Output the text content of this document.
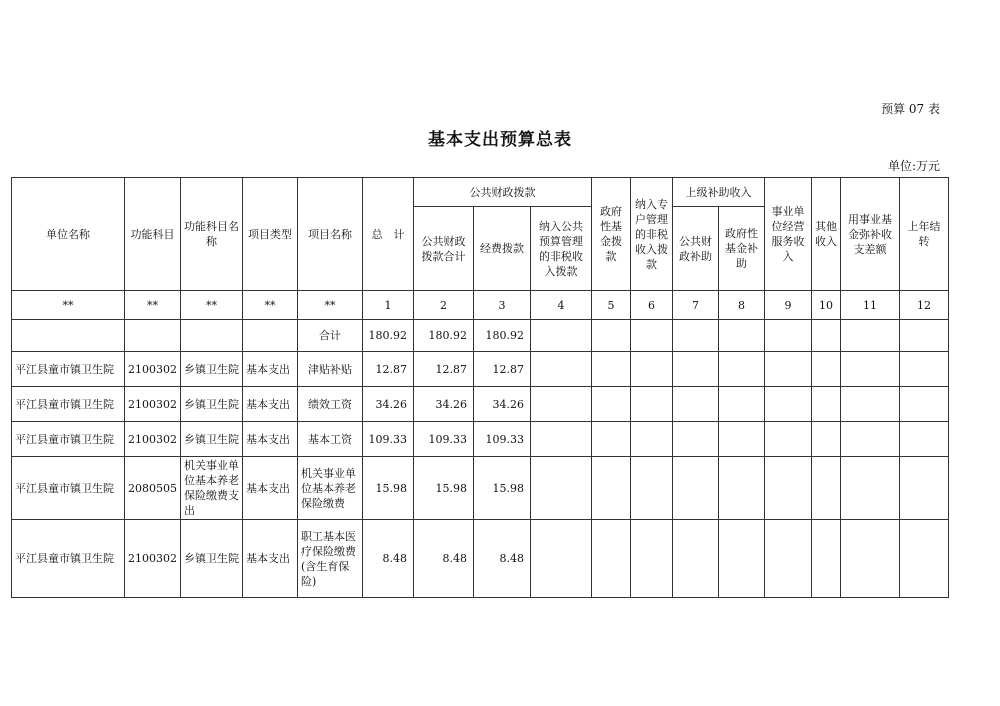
预算 07 表
基本支出预算总表
单位:万元
单位名称	功能科目	功能科目名称	项目类型	项目名称	总　计	公共财政拨款			政府性基金拨款	纳入专户管理的非税收入拨款	上级补助收入		事业单位经营服务收入	其他收入	用事业基金弥补收支差额	上年结转
						公共财政拨款合计	经费拨款	纳入公共预算管理的非税收入拨款			公共财政补助	政府性基金补助				
**	**	**	**	**	1	2	3	4	5	6	7	8	9	10	11	12
				合计	180.92	180.92	180.92									
平江县童市镇卫生院	2100302	乡镇卫生院	基本支出	津贴补贴	12.87	12.87	12.87									
平江县童市镇卫生院	2100302	乡镇卫生院	基本支出	绩效工资	34.26	34.26	34.26									
平江县童市镇卫生院	2100302	乡镇卫生院	基本支出	基本工资	109.33	109.33	109.33									
平江县童市镇卫生院	2080505	机关事业单位基本养老保险缴费支出	基本支出	机关事业单位基本养老保险缴费	15.98	15.98	15.98									
平江县童市镇卫生院	2100302	乡镇卫生院	基本支出	职工基本医疗保险缴费(含生育保险)	8.48	8.48	8.48									
